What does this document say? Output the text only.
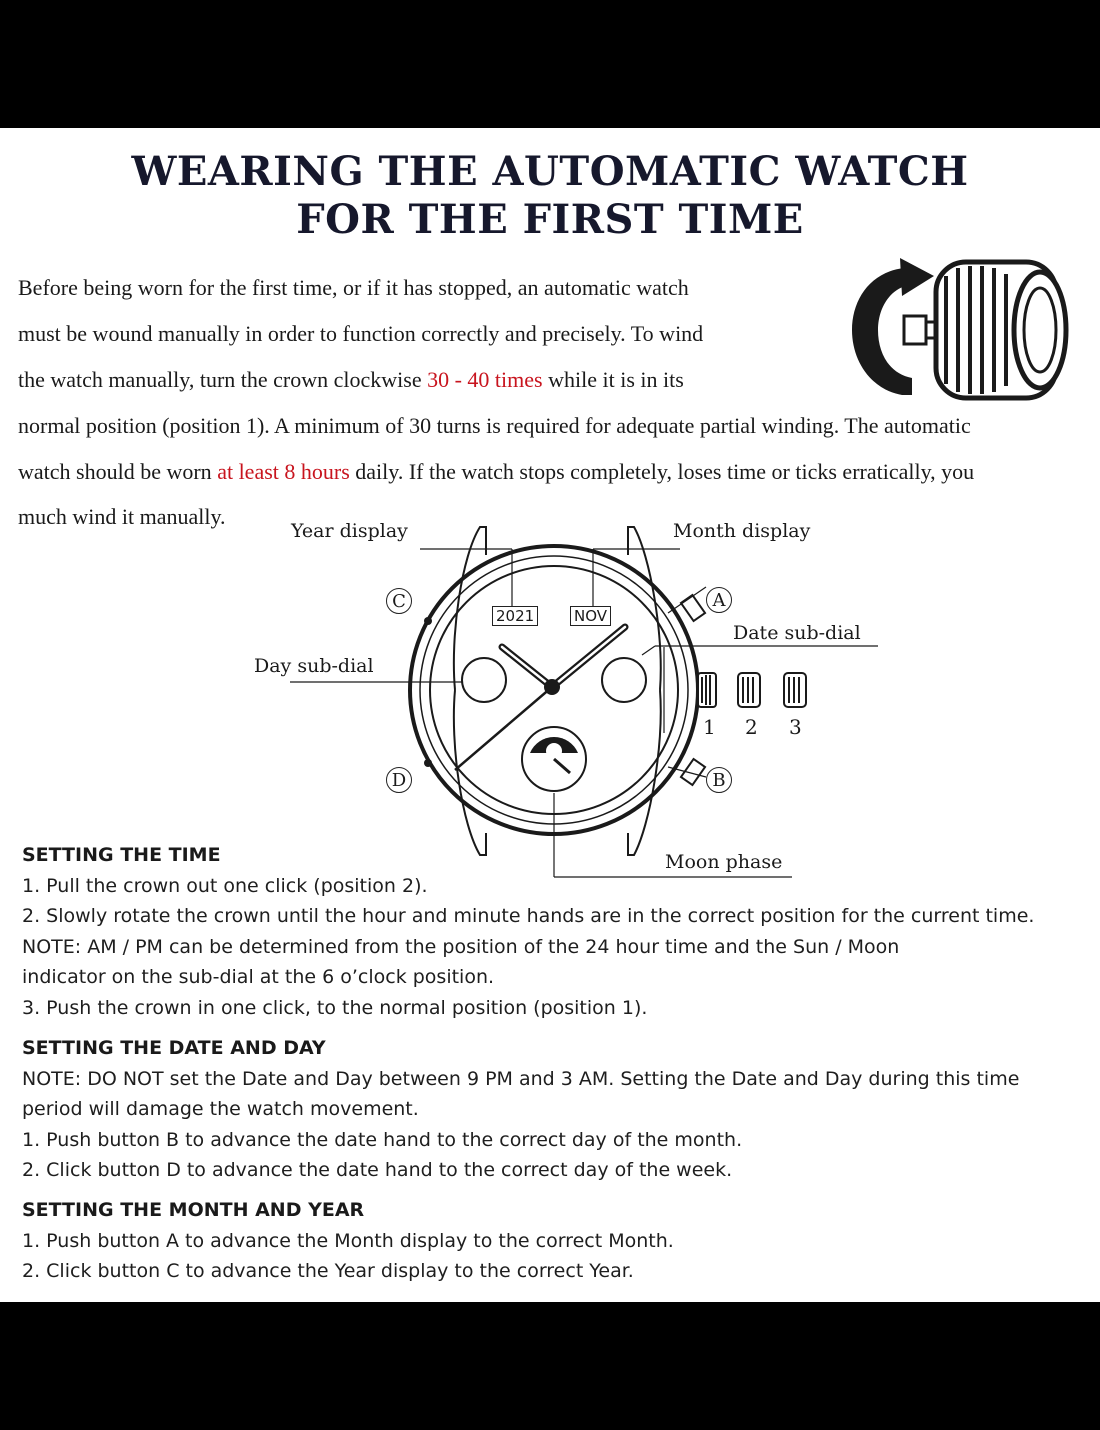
WEARING THE AUTOMATIC WATCH
FOR THE FIRST TIME
Before being worn for the first time, or if it has stopped, an automatic watch
must be wound manually in order to function correctly and precisely. To wind
the watch manually, turn the crown clockwise 30 - 40 times while it is in its
normal position (position 1). A minimum of 30 turns is required for adequate partial winding. The automatic
watch should be worn at least 8 hours daily. If the watch stops completely, loses time or ticks erratically, you
much wind it manually.
2021	NOV
C
D
A
B
Year display	Month display
Date sub-dial
Day sub-dial
Moon phase
1 2 3
SETTING THE TIME
1. Pull the crown out one click (position 2).
2. Slowly rotate the crown until the hour and minute hands are in the correct position for the current time.
NOTE: AM / PM can be determined from the position of the 24 hour time and the Sun / Moon
indicator on the sub-dial at the 6 o’clock position.
3. Push the crown in one click, to the normal position (position 1).
SETTING THE DATE AND DAY
NOTE: DO NOT set the Date and Day between 9 PM and 3 AM. Setting the Date and Day during this time
period will damage the watch movement.
1. Push button B to advance the date hand to the correct day of the month.
2. Click button D to advance the date hand to the correct day of the week.
SETTING THE MONTH AND YEAR
1. Push button A to advance the Month display to the correct Month.
2. Click button C to advance the Year display to the correct Year.
